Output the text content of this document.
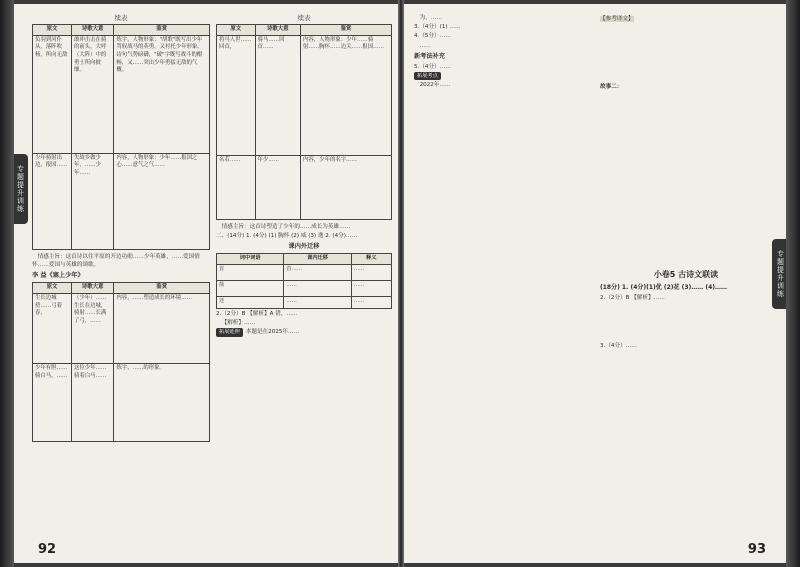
专题提升训练
续表
原文	诗歌大意	鉴赏
负羽到河仆从，落阵吹杨，所向无敌	敢冲击击在骑的前头，大呼（大阵）中的勇士所向披靡。	炼字，人物形象："胡歌"既写出少年驾驭战马的英勇，又衬托少年形象。诗句气势磅礴，"破"字既写战斗的酣畅，又……突出少年勇猛无敌的气概。
少年骑射出边，报国……	失故乡做少年，……少年……	内容，人物形象：少年……报国之心……意气之气……

情感主旨：这首诗以往平原的开边功勋……少年英雄，……爱国情怀……爱国与英雄的颂歌。

李 益《塞上少年》
原文	诗歌大意	鉴赏
生长边城傍……弓着春，	（少年）……生长在边城，骑射……长满了弓，……	内容，……塑造成长的环境……
少年有胆……骑白马，……	这位少年……骑着白马……	炼字，……的形象。
续表
原文	诗歌大意	鉴赏
将马人世……回首，	骑马……回首……	内容，人物形象：少年……骑射……胸怀……边关……报国……
名若……	年少……	内容，少年的名字……

情感主旨：这首诗塑造了少年的……成长为英雄……

二、(14分) 1. (4分) (1) 胸怀 (2) 威 (3) 逸 2. (4分)……

课内外迁移
词中词语	课内迁移	释义
首	首……	……
箭	……	……
还	……	……

2.（2分）B 【解析】A 错，……

【解析】……

拓展延伸 本题是在2025年……

92

为，……

3.（4分）(1) ……

4.（5分）……

……

新考法补充

5.（4分）……

拓展考点

2022年……

【参考译文】

故事二：

小卷5 古诗文联读
(18分) 1. (4分)(1)优 (2)花 (3)…… (4)……

2.（2分）B 【解析】……

3.（4分）……

专题提升训练
93
